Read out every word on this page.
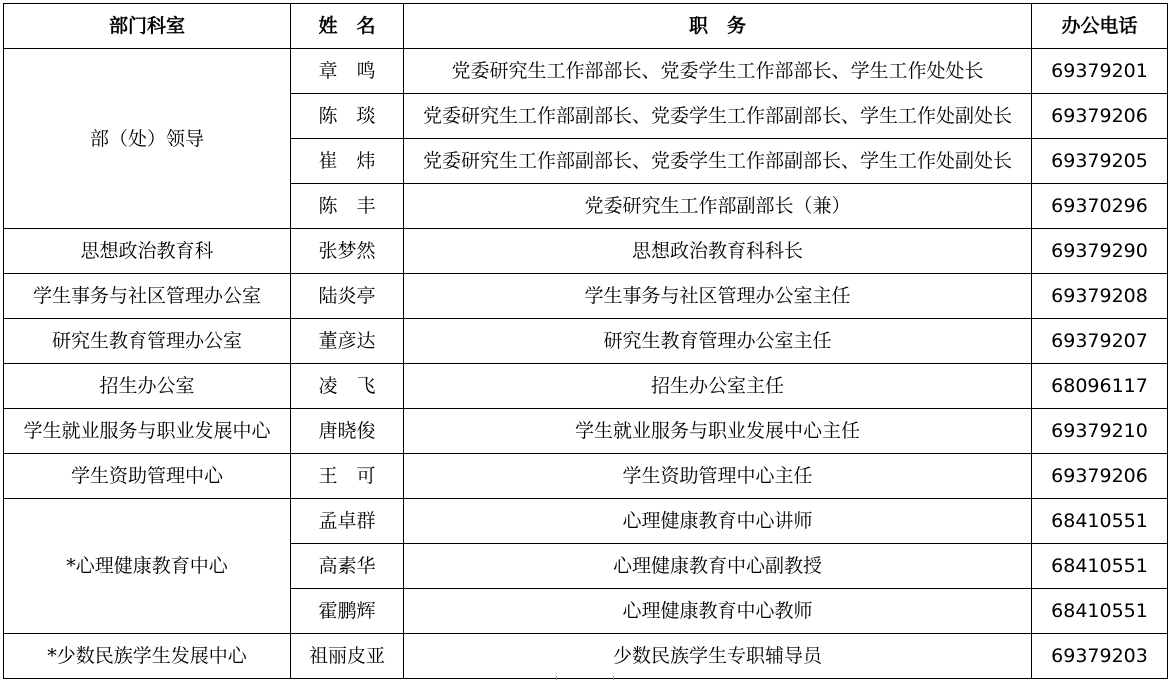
部门科室	姓　名	职　务	办公电话
部（处）领导	章　鸣	党委研究生工作部部长、党委学生工作部部长、学生工作处处长	69379201
	陈　琰	党委研究生工作部副部长、党委学生工作部副部长、学生工作处副处长	69379206
	崔　炜	党委研究生工作部副部长、党委学生工作部副部长、学生工作处副处长	69379205
	陈　丰	党委研究生工作部副部长（兼）	69370296
思想政治教育科	张梦然	思想政治教育科科长	69379290
学生事务与社区管理办公室	陆炎亭	学生事务与社区管理办公室主任	69379208
研究生教育管理办公室	董彦达	研究生教育管理办公室主任	69379207
招生办公室	凌　飞	招生办公室主任	68096117
学生就业服务与职业发展中心	唐晓俊	学生就业服务与职业发展中心主任	69379210
学生资助管理中心	王　可	学生资助管理中心主任	69379206
*心理健康教育中心	孟卓群	心理健康教育中心讲师	68410551
	高素华	心理健康教育中心副教授	68410551
	霍鹏辉	心理健康教育中心教师	68410551
*少数民族学生发展中心	祖丽皮亚	少数民族学生专职辅导员	69379203
